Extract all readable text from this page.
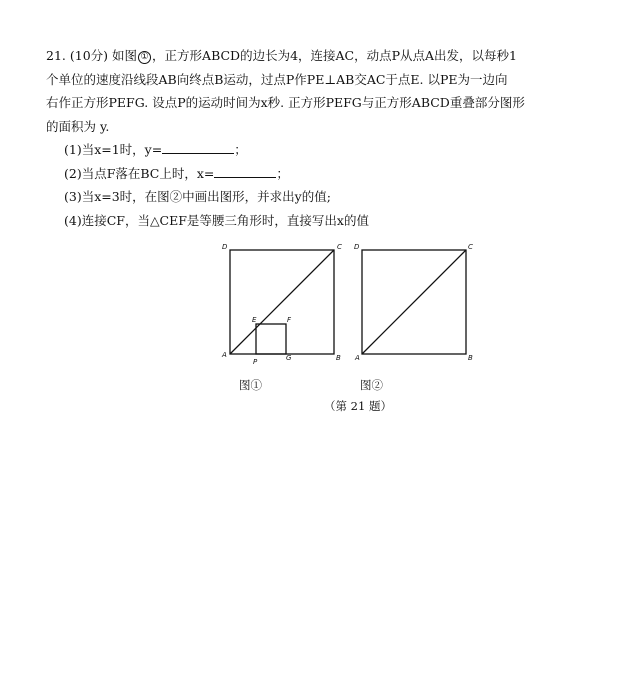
21. (10分) 如图 ① ，正方形ABCD的边长为4，连接AC，动点P从点A出发，以每秒1
个单位的速度沿线段AB向终点B运动，过点P作PE⊥AB交AC于点E. 以PE为一边向
右作正方形PEFG. 设点P的运动时间为x秒. 正方形PEFG与正方形ABCD重叠部分图形
的面积为 y.
(1)当x=1时，y=	；
(2)当点F落在BC上时，x=	；
(3)当x=3时，在图②中画出图形，并求出y的值;
(4)连接CF，当△CEF是等腰三角形时，直接写出x的值
D	C
A	B
P
E	F
G
D	C
A	B
图①	图②
（第 21 题）
